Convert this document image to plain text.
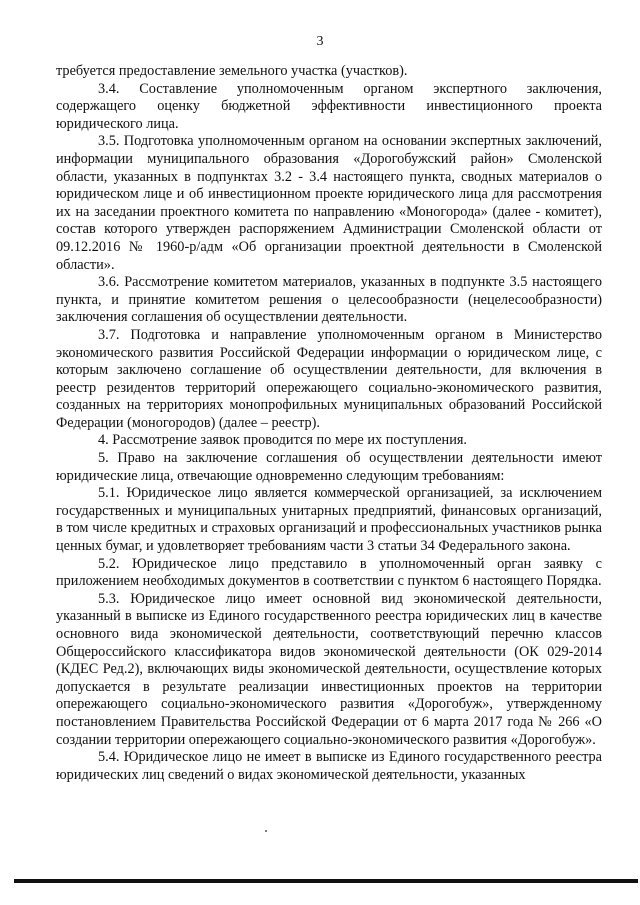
3

требуется предоставление земельного участка (участков).

3.4. Составление уполномоченным органом экспертного заключения, содержащего оценку бюджетной эффективности инвестиционного проекта юридического лица.

3.5. Подготовка уполномоченным органом на основании экспертных заключений, информации муниципального образования «Дорогобужский район» Смоленской области, указанных в подпунктах 3.2 - 3.4 настоящего пункта, сводных материалов о юридическом лице и об инвестиционном проекте юридического лица для рассмотрения их на заседании проектного комитета по направлению «Моногорода» (далее - комитет), состав которого утвержден распоряжением Администрации Смоленской области от 09.12.2016 № 1960-р/адм «Об организации проектной деятельности в Смоленской области».

3.6. Рассмотрение комитетом материалов, указанных в подпункте 3.5 настоящего пункта, и принятие комитетом решения о целесообразности (нецелесообразности) заключения соглашения об осуществлении деятельности.

3.7. Подготовка и направление уполномоченным органом в Министерство экономического развития Российской Федерации информации о юридическом лице, с которым заключено соглашение об осуществлении деятельности, для включения в реестр резидентов территорий опережающего социально-экономического развития, созданных на территориях монопрофильных муниципальных образований Российской Федерации (моногородов) (далее – реестр).

4. Рассмотрение заявок проводится по мере их поступления.

5. Право на заключение соглашения об осуществлении деятельности имеют юридические лица, отвечающие одновременно следующим требованиям:

5.1. Юридическое лицо является коммерческой организацией, за исключением государственных и муниципальных унитарных предприятий, финансовых организаций, в том числе кредитных и страховых организаций и профессиональных участников рынка ценных бумаг, и удовлетворяет требованиям части 3 статьи 34 Федерального закона.

5.2. Юридическое лицо представило в уполномоченный орган заявку с приложением необходимых документов в соответствии с пунктом 6 настоящего Порядка.

5.3. Юридическое лицо имеет основной вид экономической деятельности, указанный в выписке из Единого государственного реестра юридических лиц в качестве основного вида экономической деятельности, соответствующий перечню классов Общероссийского классификатора видов экономической деятельности (ОК 029-2014 (КДЕС Ред.2), включающих виды экономической деятельности, осуществление которых допускается в результате реализации инвестиционных проектов на территории опережающего социально-экономического развития «Дорогобуж», утвержденному постановлением Правительства Российской Федерации от 6 марта 2017 года № 266 «О создании территории опережающего социально-экономического развития «Дорогобуж».

5.4. Юридическое лицо не имеет в выписке из Единого государственного реестра юридических лиц сведений о видах экономической деятельности, указанных
